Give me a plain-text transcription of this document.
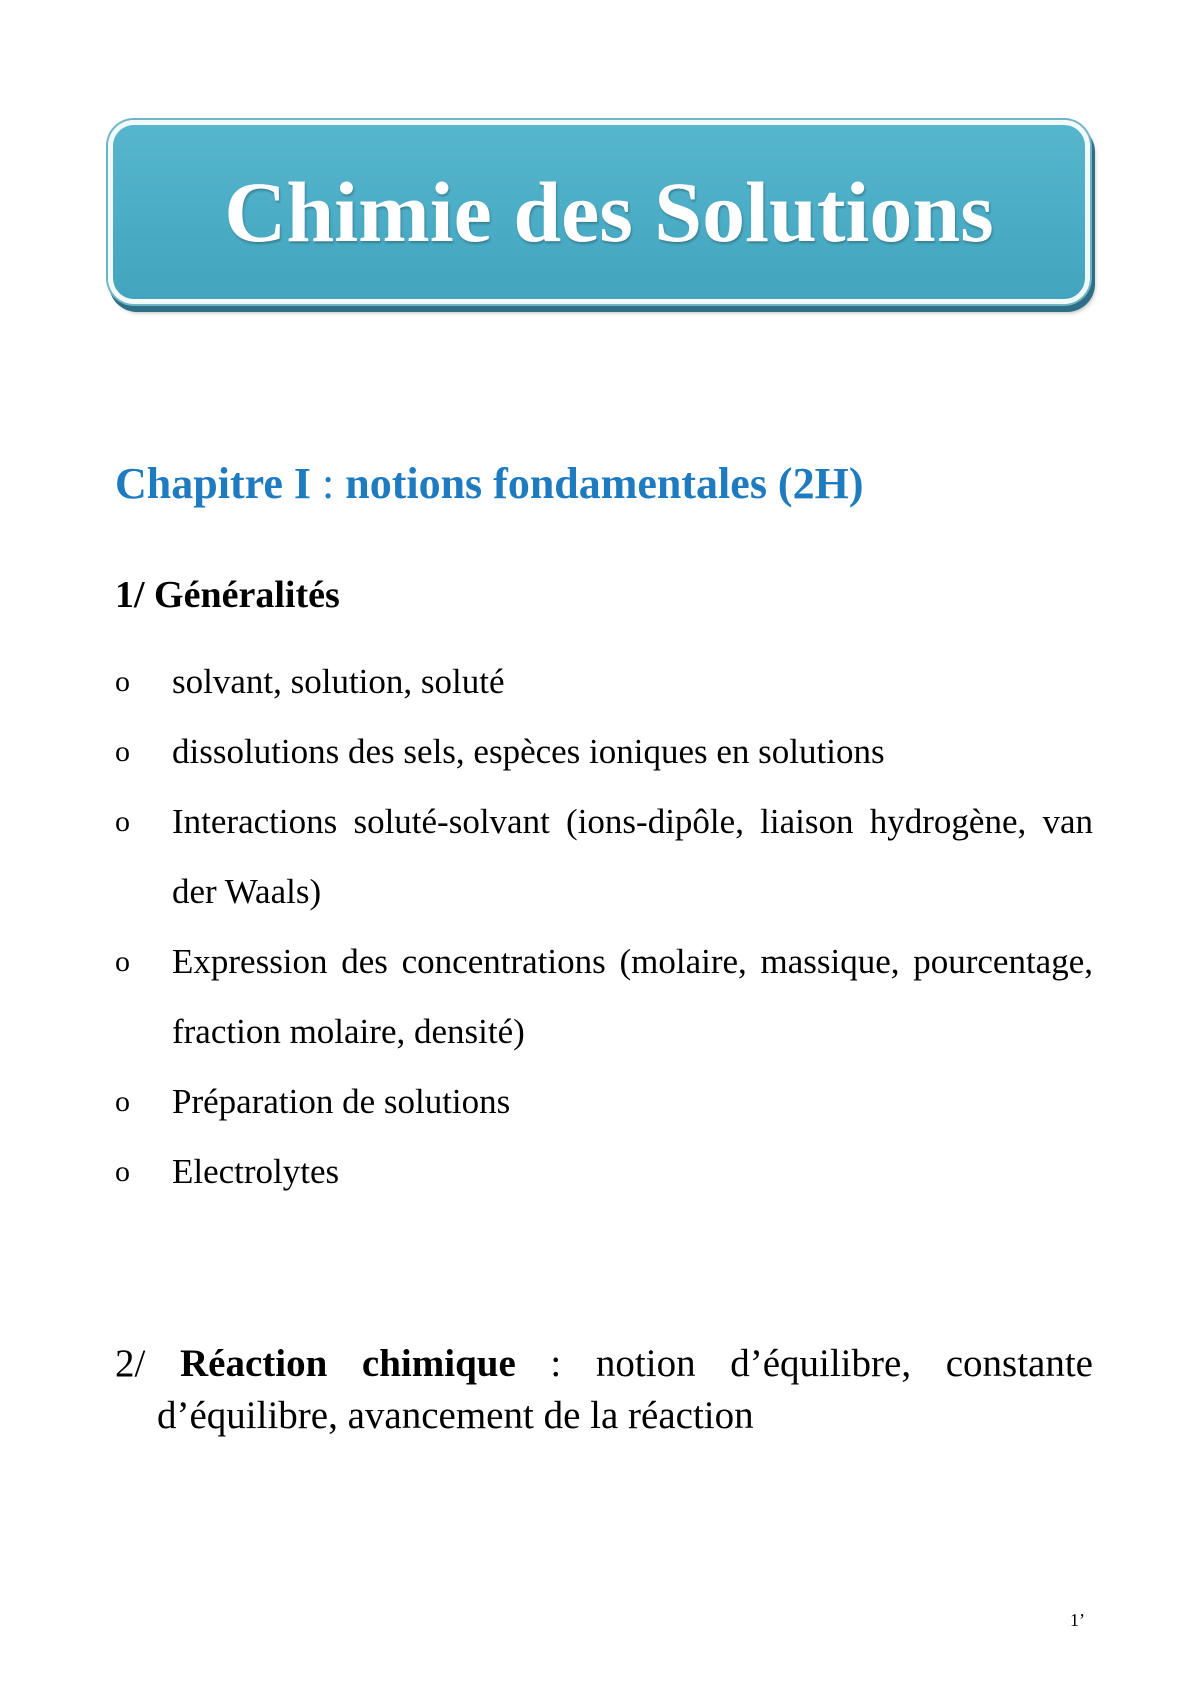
Chimie des Solutions
Chapitre I : notions fondamentales (2H)
1/ Généralités
o solvant, solution, soluté
o dissolutions des sels, espèces ioniques en solutions
o Interactions soluté-solvant (ions-dipôle, liaison hydrogène, van der Waals)
o Expression des concentrations (molaire, massique, pourcentage, fraction molaire, densité)
o Préparation de solutions
o Electrolytes
2/ Réaction chimique : notion d’équilibre, constante d’équilibre, avancement de la réaction
1’
